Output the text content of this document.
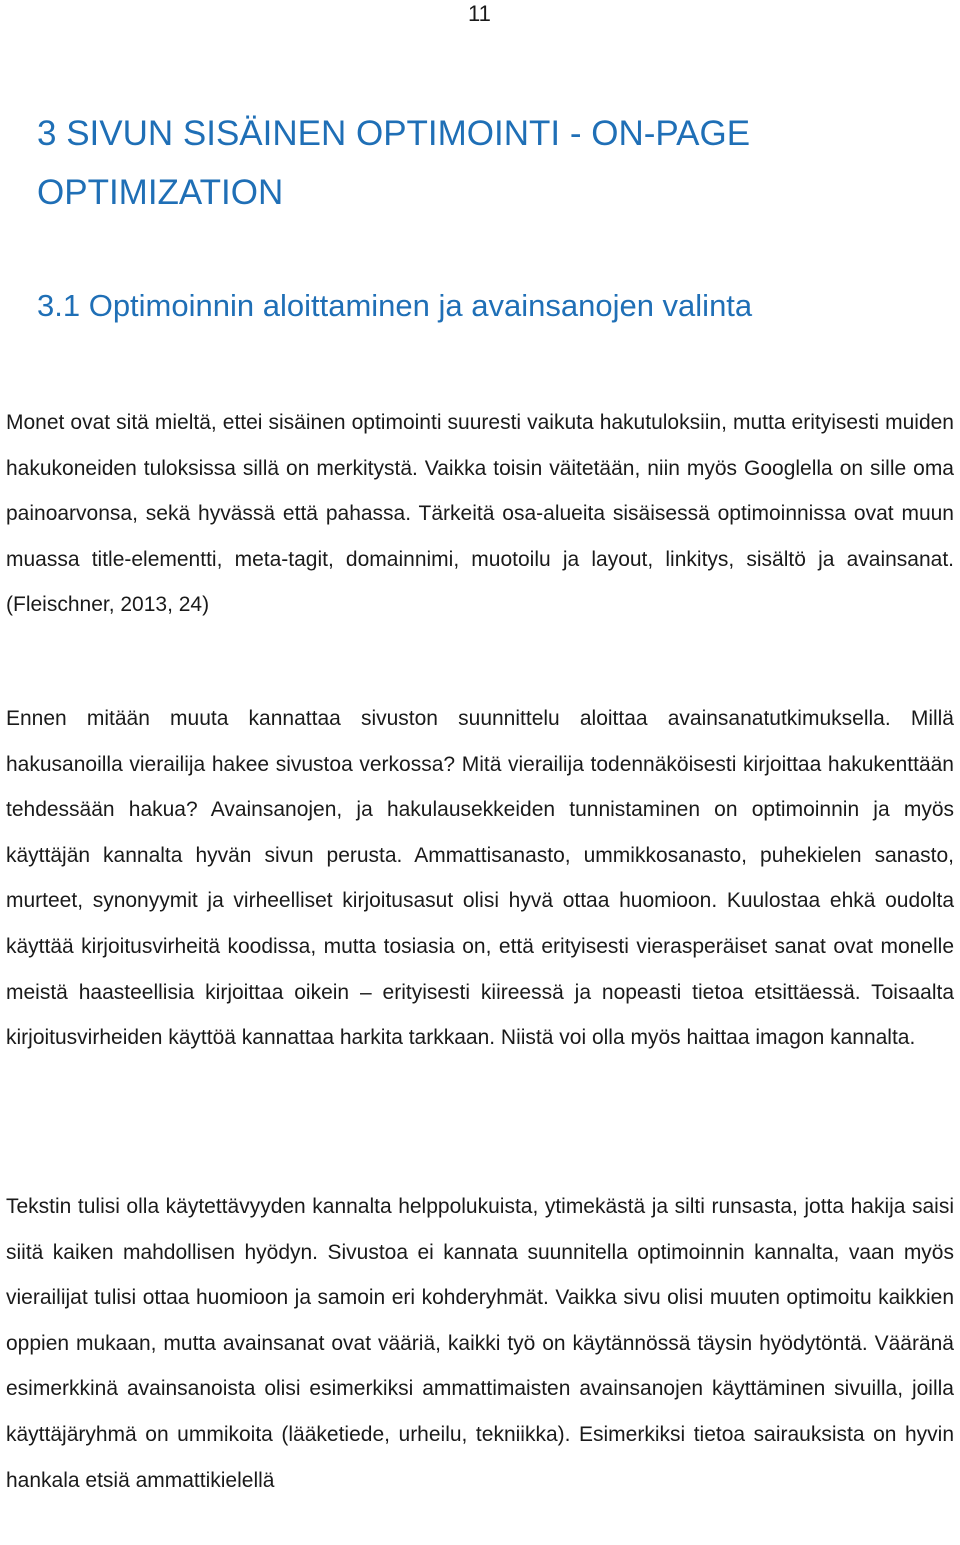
11
3 SIVUN SISÄINEN OPTIMOINTI - ON-PAGE OPTIMIZATION
3.1 Optimoinnin aloittaminen ja avainsanojen valinta

Monet ovat sitä mieltä, ettei sisäinen optimointi suuresti vaikuta hakutuloksiin, mutta erityisesti muiden hakukoneiden tuloksissa sillä on merkitystä. Vaikka toisin väitetään, niin myös Googlella on sille oma painoarvonsa, sekä hyvässä että pahassa. Tärkeitä osa-alueita sisäisessä optimoinnissa ovat muun muassa title-elementti, meta-tagit, domainnimi, muotoilu ja layout, linkitys, sisältö ja avainsanat. (Fleischner, 2013, 24)

Ennen mitään muuta kannattaa sivuston suunnittelu aloittaa avainsanatutkimuksella. Millä hakusanoilla vierailija hakee sivustoa verkossa? Mitä vierailija todennäköisesti kirjoittaa hakukenttään tehdessään hakua? Avainsanojen, ja hakulausekkeiden tunnistaminen on optimoinnin ja myös käyttäjän kannalta hyvän sivun perusta. Ammattisanasto, ummikkosanasto, puhekielen sanasto, murteet, synonyymit ja virheelliset kirjoitusasut olisi hyvä ottaa huomioon. Kuulostaa ehkä oudolta käyttää kirjoitusvirheitä koodissa, mutta tosiasia on, että erityisesti vierasperäiset sanat ovat monelle meistä haasteellisia kirjoittaa oikein – erityisesti kiireessä ja nopeasti tietoa etsittäessä. Toisaalta kirjoitusvirheiden käyttöä kannattaa harkita tarkkaan. Niistä voi olla myös haittaa imagon kannalta.

Tekstin tulisi olla käytettävyyden kannalta helppolukuista, ytimekästä ja silti runsasta, jotta hakija saisi siitä kaiken mahdollisen hyödyn. Sivustoa ei kannata suunnitella optimoinnin kannalta, vaan myös vierailijat tulisi ottaa huomioon ja samoin eri kohderyhmät. Vaikka sivu olisi muuten optimoitu kaikkien oppien mukaan, mutta avainsanat ovat vääriä, kaikki työ on käytännössä täysin hyödytöntä. Vääränä esimerkkinä avainsanoista olisi esimerkiksi ammattimaisten avainsanojen käyttäminen sivuilla, joilla käyttäjäryhmä on ummikoita (lääketiede, urheilu, tekniikka). Esimerkiksi tietoa sairauksista on hyvin hankala etsiä ammattikielellä
